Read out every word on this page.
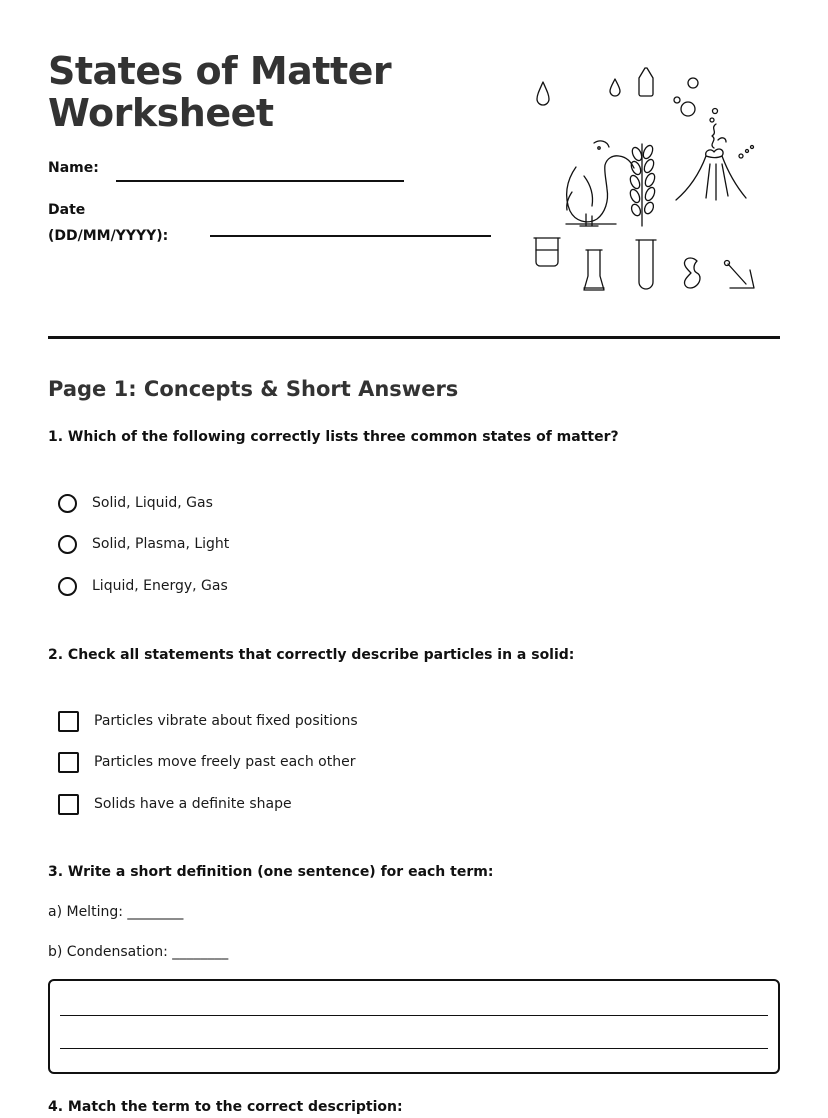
States of Matter
Worksheet
Name:
Date
(DD/MM/YYYY):
Page 1: Concepts & Short Answers

1. Which of the following correctly lists three common states of matter?

Solid, Liquid, Gas
Solid, Plasma, Light
Liquid, Energy, Gas

2. Check all statements that correctly describe particles in a solid:

Particles vibrate about fixed positions
Particles move freely past each other
Solids have a definite shape

3. Write a short definition (one sentence) for each term:

a) Melting: ________
b) Condensation: ________

4. Match the term to the correct description:
